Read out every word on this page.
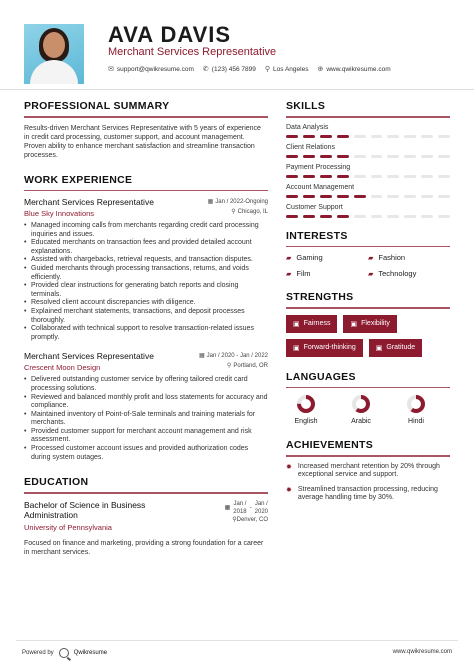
AVA DAVIS
Merchant Services Representative
✉ support@qwikresume.com ✆ (123) 456 7899 ⚲ Los Angeles ⊕ www.qwikresume.com
PROFESSIONAL SUMMARY
Results-driven Merchant Services Representative with 5 years of experience in credit card processing, customer support, and account management. Proven ability to enhance merchant satisfaction and streamline transaction processes.
WORK EXPERIENCE
Merchant Services Representative
Blue Sky Innovations
▦ Jan / 2022-Ongoing
⚲ Chicago, IL
• Managed incoming calls from merchants regarding credit card processing inquiries and issues.
• Educated merchants on transaction fees and provided detailed account explanations.
• Assisted with chargebacks, retrieval requests, and transaction disputes.
• Guided merchants through processing transactions, returns, and voids efficiently.
• Provided clear instructions for generating batch reports and closing terminals.
• Resolved client account discrepancies with diligence.
• Explained merchant statements, transactions, and deposit processes thoroughly.
• Collaborated with technical support to resolve transaction-related issues promptly.
Merchant Services Representative
Crescent Moon Design
▦ Jan / 2020 - Jan / 2022
⚲ Portland, OR
• Delivered outstanding customer service by offering tailored credit card processing solutions.
• Reviewed and balanced monthly profit and loss statements for accuracy and compliance.
• Maintained inventory of Point-of-Sale terminals and training materials for merchants.
• Provided customer support for merchant account management and risk assessment.
• Processed customer account issues and provided authorization codes during system outages.
EDUCATION
Bachelor of Science in Business Administration
University of Pennsylvania
▦
Jan /
2018
-
Jan /
2020
⚲Denver, CO
Focused on finance and marketing, providing a strong foundation for a career in merchant services.
SKILLS
Data Analysis
Client Relations
Payment Processing
Account Management
Customer Support
INTERESTS
▰ Gaming	▰ Fashion
▰ Film	▰ Technology
STRENGTHS
▣ Fairness	▣ Flexibility
▣ Forward-thinking	▣ Gratitude
LANGUAGES
English	Arabic	Hindi
ACHIEVEMENTS
✸ Increased merchant retention by 20% through exceptional service and support.
✸ Streamlined transaction processing, reducing average handling time by 30%.
Powered by	Qwikresume	www.qwikresume.com
